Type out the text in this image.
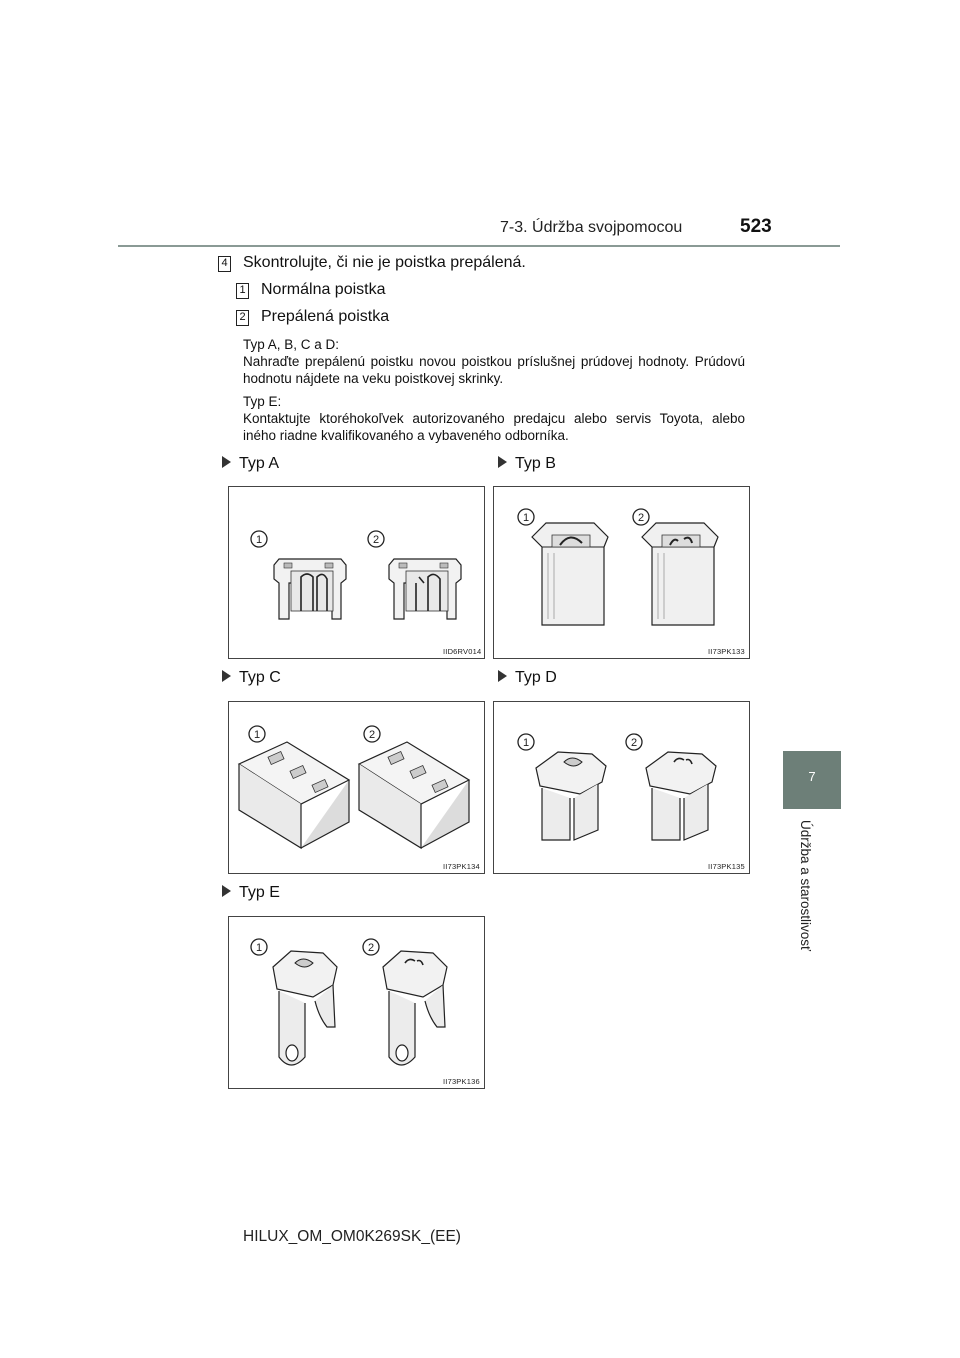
7-3. Údržba svojpomocou	523
7
Údržba a starostlivosť
4 Skontrolujte, či nie je poistka prepálená.
1 Normálna poistka
2 Prepálená poistka

Typ A, B, C a D:

Nahraďte prepálenú poistku novou poistkou príslušnej prúdovej hodnoty. Prúdovú hodnotu nájdete na veku poistkovej skrinky.

Typ E:

Kontaktujte ktoréhokoľvek autorizovaného predajcu alebo servis Toyota, alebo iného riadne kvalifikovaného a vybaveného odborníka.

Typ A	Typ B
Typ C	Typ D
Typ E
1	2
IID6RV014
1	2
II73PK133
1	2
II73PK134
1	2
II73PK135
1	2
II73PK136
HILUX_OM_OM0K269SK_(EE)
